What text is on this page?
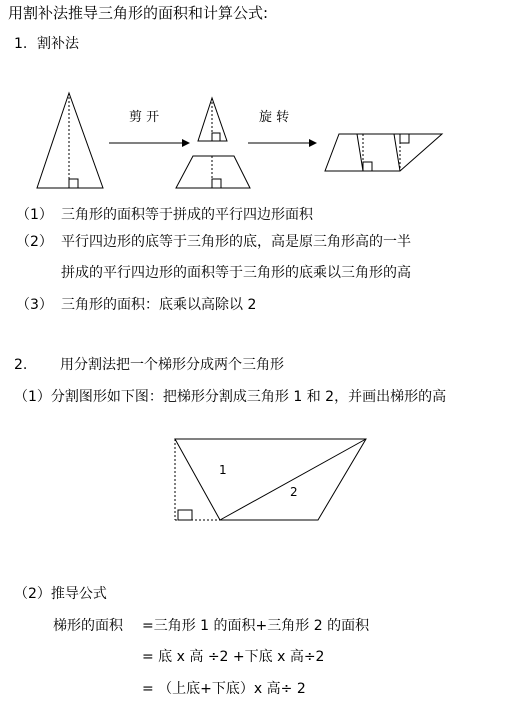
用割补法推导三角形的面积和计算公式:
1. 割补法
剪 开	旋 转
（1） 三角形的面积等于拼成的平行四边形面积
（2） 平行四边形的底等于三角形的底，高是原三角形高的一半
拼成的平行四边形的面积等于三角形的底乘以三角形的高
（3） 三角形的面积：底乘以高除以 2
2. 用分割法把一个梯形分成两个三角形
（1）分割图形如下图：把梯形分割成三角形 1 和 2，并画出梯形的高
1
2
（2）推导公式
梯形的面积 =三角形 1 的面积+三角形 2 的面积
= 底 x 高 ÷2 +下底 x 高÷2
= （上底+下底）x 高÷ 2
